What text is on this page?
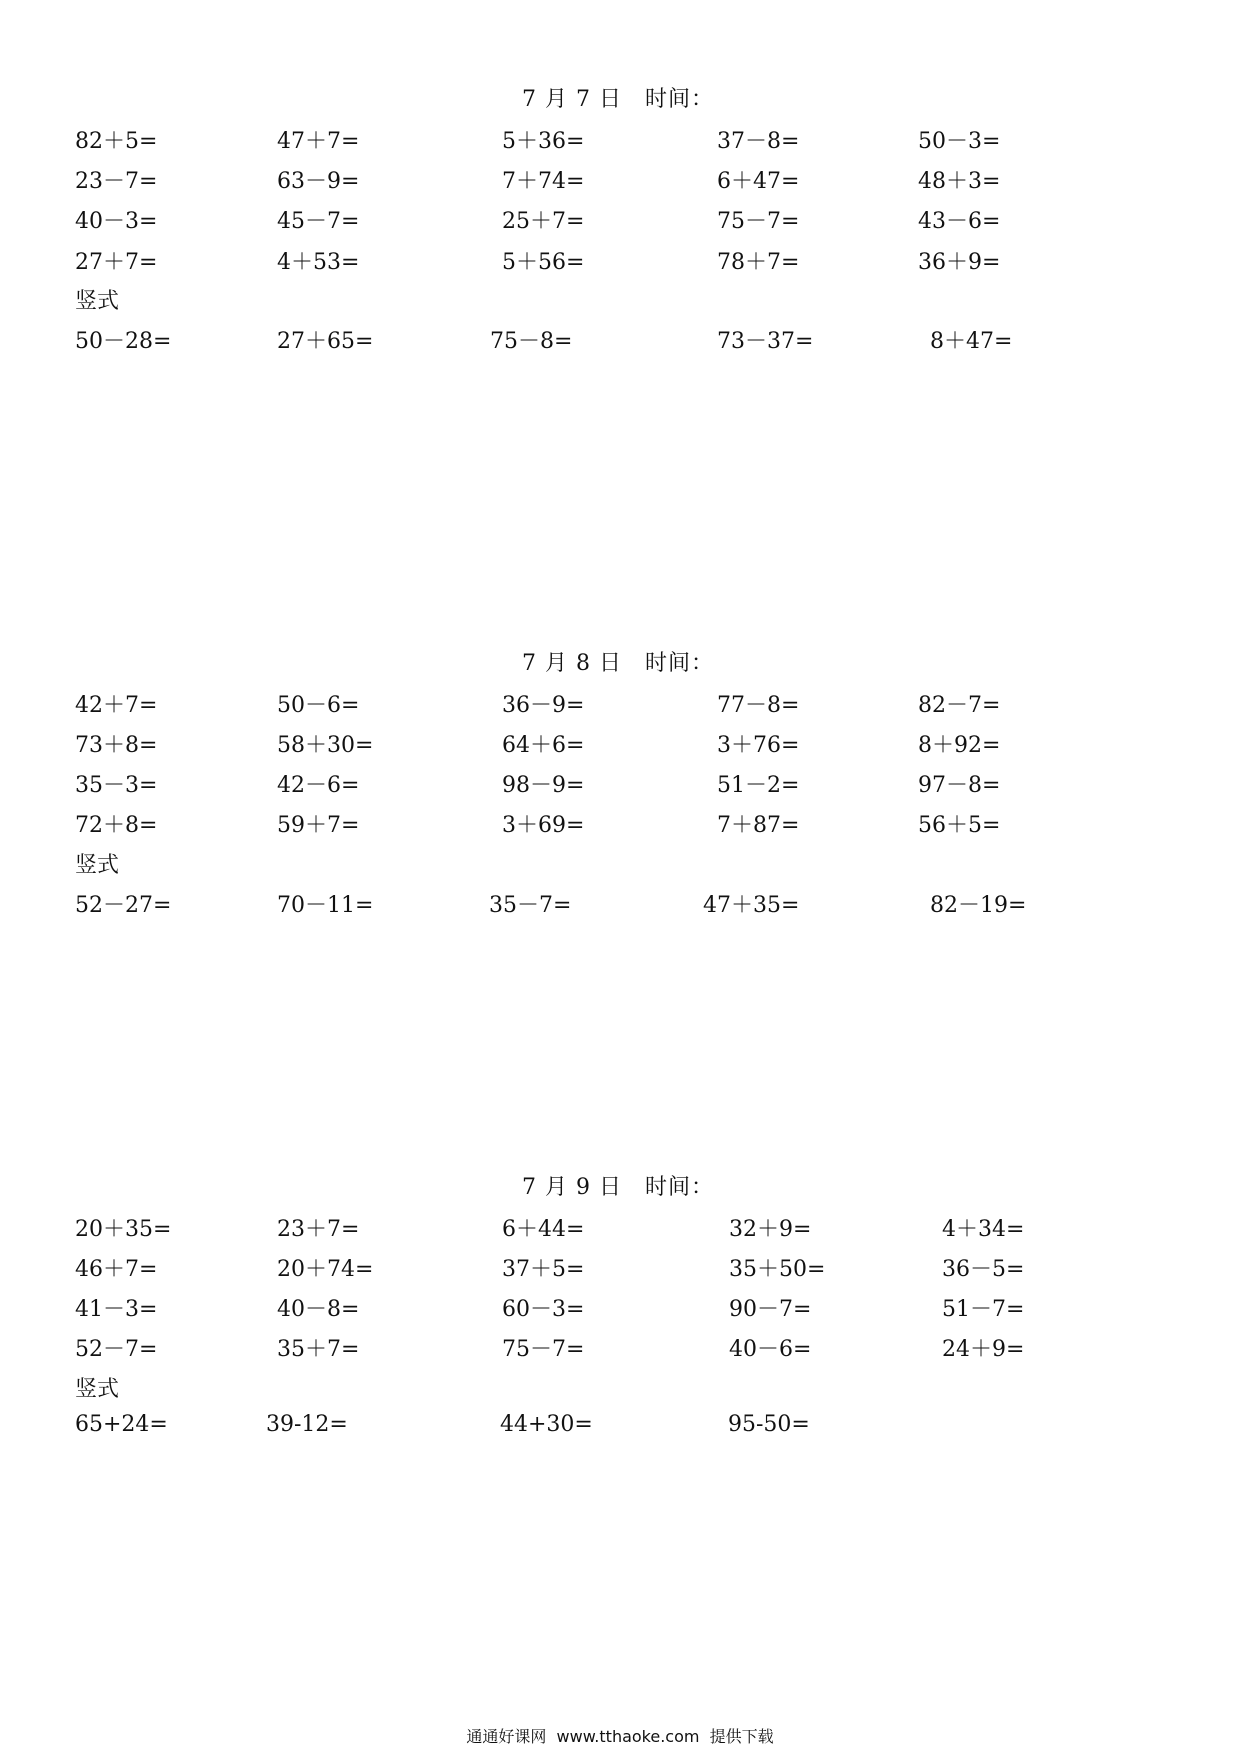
7 月 7 日　时间：
82＋5=	47＋7=	5＋36=	37－8=	50－3=
23－7=	63－9=	7＋74=	6＋47=	48＋3=
40－3=	45－7=	25＋7=	75－7=	43－6=
27＋7=	4＋53=	5＋56=	78＋7=	36＋9=
竖式
50－28=	27＋65=	75－8=	73－37=	8＋47=
7 月 8 日　时间：
42＋7=	50－6=	36－9=	77－8=	82－7=
73＋8=	58＋30=	64＋6=	3＋76=	8＋92=
35－3=	42－6=	98－9=	51－2=	97－8=
72＋8=	59＋7=	3＋69=	7＋87=	56＋5=
竖式
52－27=	70－11=	35－7=	47＋35=	82－19=
7 月 9 日　时间：
20＋35=	23＋7=	6＋44=	32＋9=	4＋34=
46＋7=	20＋74=	37＋5=	35＋50=	36－5=
41－3=	40－8=	60－3=	90－7=	51－7=
52－7=	35＋7=	75－7=	40－6=	24＋9=
竖式
65+24=	39-12=	44+30=	95-50=
通通好课网  www.tthaoke.com  提供下载
